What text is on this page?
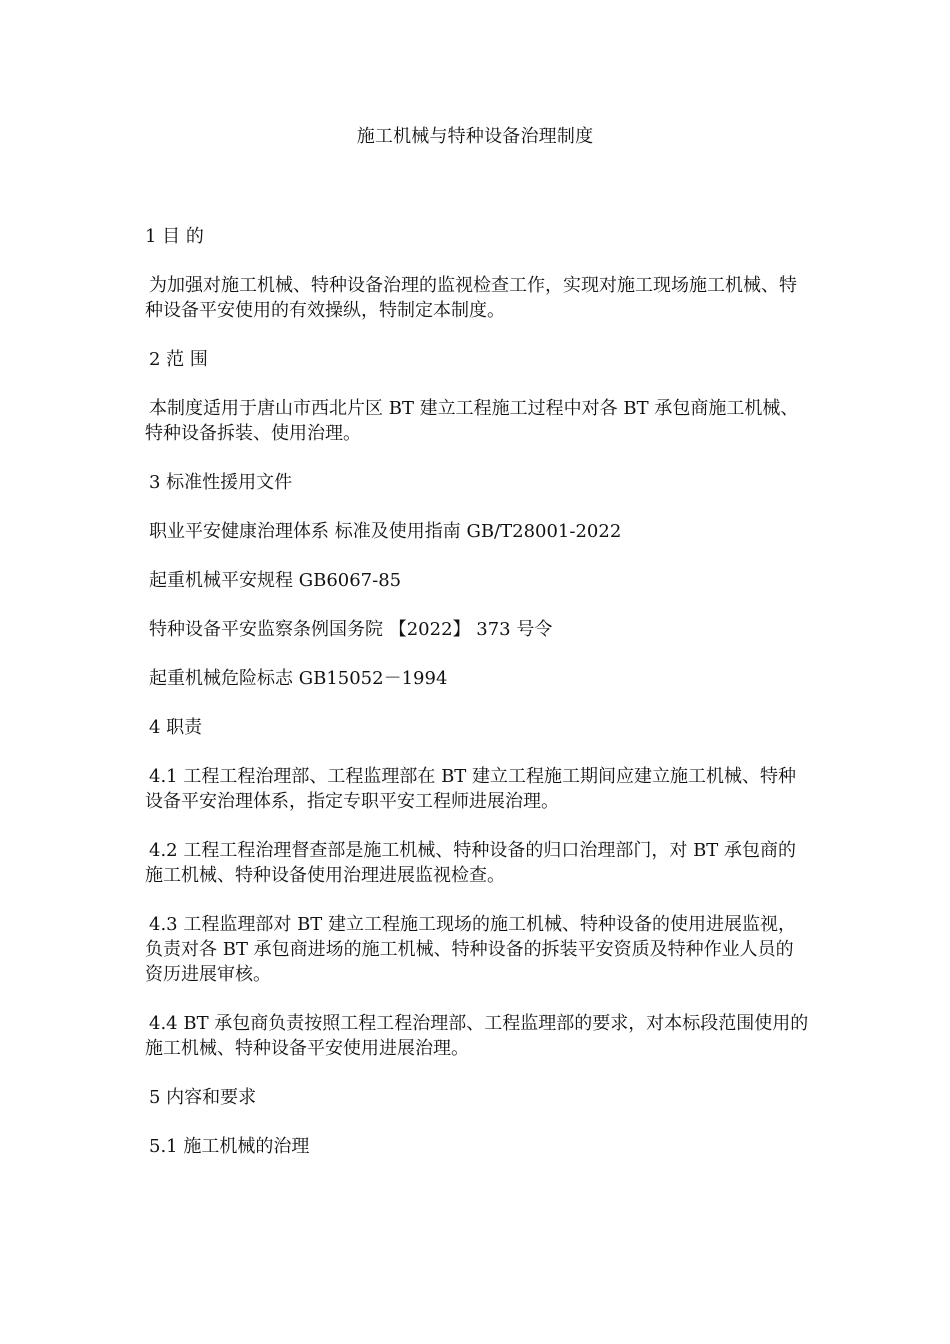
施工机械与特种设备治理制度
1 目 的
为加强对施工机械、特种设备治理的监视检查工作，实现对施工现场施工机械、特种设备平安使用的有效操纵，特制定本制度。
2 范 围
本制度适用于唐山市西北片区 BT 建立工程施工过程中对各 BT 承包商施工机械、特种设备拆装、使用治理。
3 标准性援用文件
职业平安健康治理体系 标准及使用指南 GB/T28001-2022
起重机械平安规程 GB6067-85
特种设备平安监察条例国务院 【2022】 373 号令
起重机械危险标志 GB15052－1994
4 职责
4.1 工程工程治理部、工程监理部在 BT 建立工程施工期间应建立施工机械、特种设备平安治理体系，指定专职平安工程师进展治理。
4.2 工程工程治理督查部是施工机械、特种设备的归口治理部门，对 BT 承包商的施工机械、特种设备使用治理进展监视检查。
4.3 工程监理部对 BT 建立工程施工现场的施工机械、特种设备的使用进展监视，负责对各 BT 承包商进场的施工机械、特种设备的拆装平安资质及特种作业人员的资历进展审核。
4.4 BT 承包商负责按照工程工程治理部、工程监理部的要求，对本标段范围使用的施工机械、特种设备平安使用进展治理。
5 内容和要求
5.1 施工机械的治理
